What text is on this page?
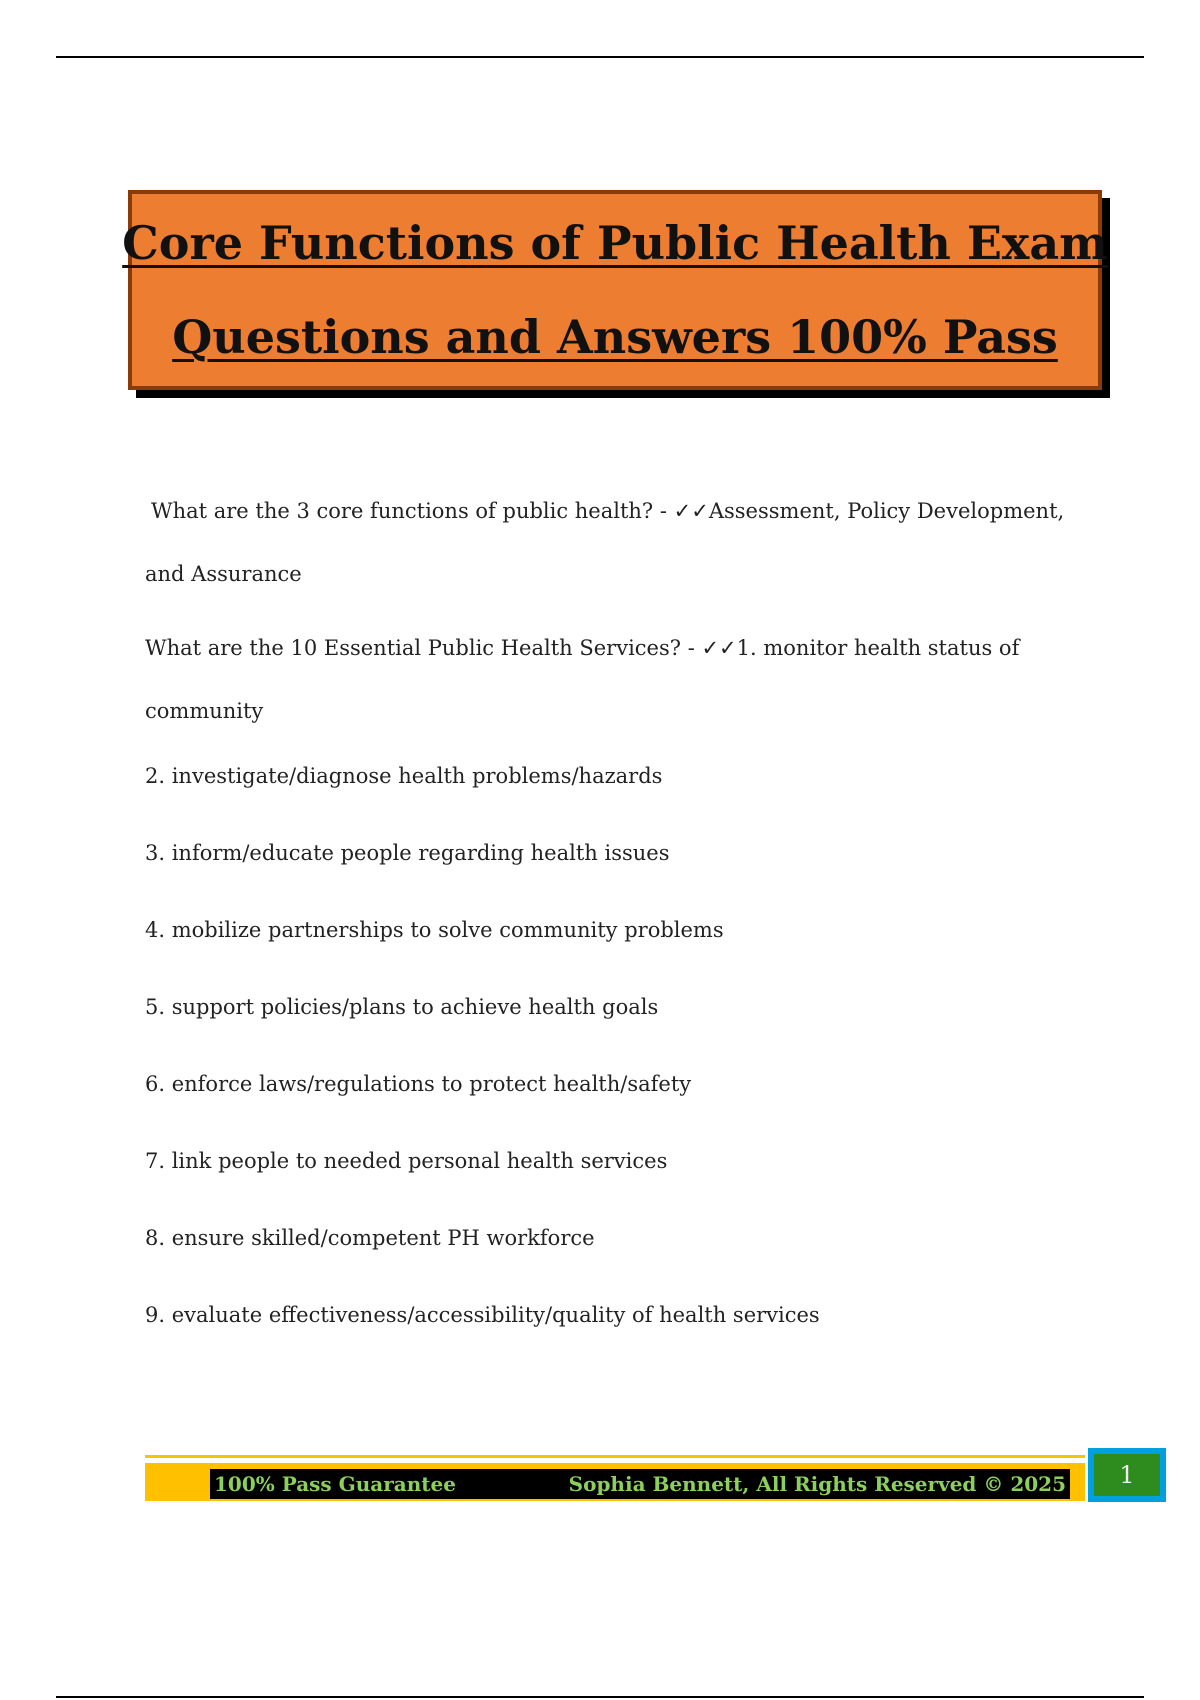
Core Functions of Public Health Exam
Questions and Answers 100% Pass
What are the 3 core functions of public health? - ✓✓Assessment, Policy Development,
and Assurance
What are the 10 Essential Public Health Services? - ✓✓1. monitor health status of
community
2. investigate/diagnose health problems/hazards
3. inform/educate people regarding health issues
4. mobilize partnerships to solve community problems
5. support policies/plans to achieve health goals
6. enforce laws/regulations to protect health/safety
7. link people to needed personal health services
8. ensure skilled/competent PH workforce
9. evaluate effectiveness/accessibility/quality of health services
100% Pass Guarantee	Sophia Bennett, All Rights Reserved © 2025	1
